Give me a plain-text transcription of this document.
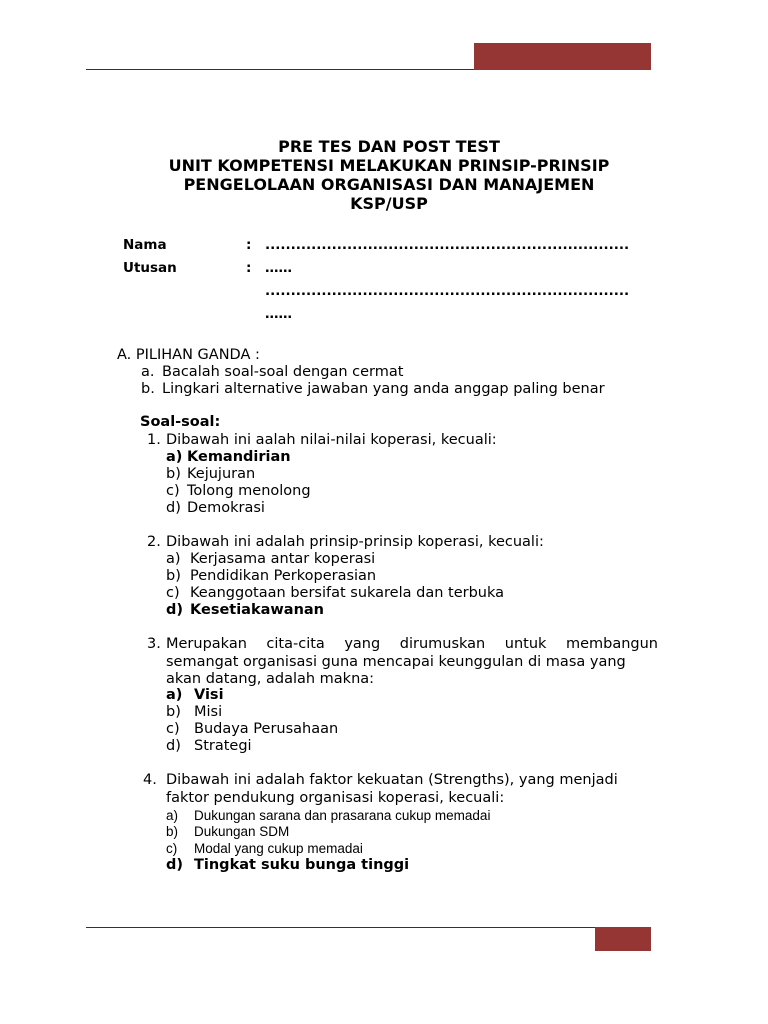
PRE TES DAN POST TEST
UNIT KOMPETENSI MELAKUKAN PRINSIP-PRINSIP
PENGELOLAAN ORGANISASI DAN MANAJEMEN
KSP/USP
Nama	: .......................................................................
Utusan	: ……
.......................................................................
……
A. PILIHAN GANDA :
a. Bacalah soal-soal dengan cermat
b. Lingkari alternative jawaban yang anda anggap paling benar
Soal-soal:
1. Dibawah ini aalah nilai-nilai koperasi, kecuali:
a) Kemandirian
b) Kejujuran
c) Tolong menolong
d) Demokrasi
2. Dibawah ini adalah prinsip-prinsip koperasi, kecuali:
a) Kerjasama antar koperasi
b) Pendidikan Perkoperasian
c) Keanggotaan bersifat sukarela dan terbuka
d) Kesetiakawanan
3. Merupakan cita-cita yang dirumuskan untuk membangun
semangat organisasi guna mencapai keunggulan di masa yang
akan datang, adalah makna:
a) Visi
b) Misi
c) Budaya Perusahaan
d) Strategi
4. Dibawah ini adalah faktor kekuatan (Strengths), yang menjadi
faktor pendukung organisasi koperasi, kecuali:
a) Dukungan sarana dan prasarana cukup memadai
b) Dukungan SDM
c) Modal yang cukup memadai
d) Tingkat suku bunga tinggi
